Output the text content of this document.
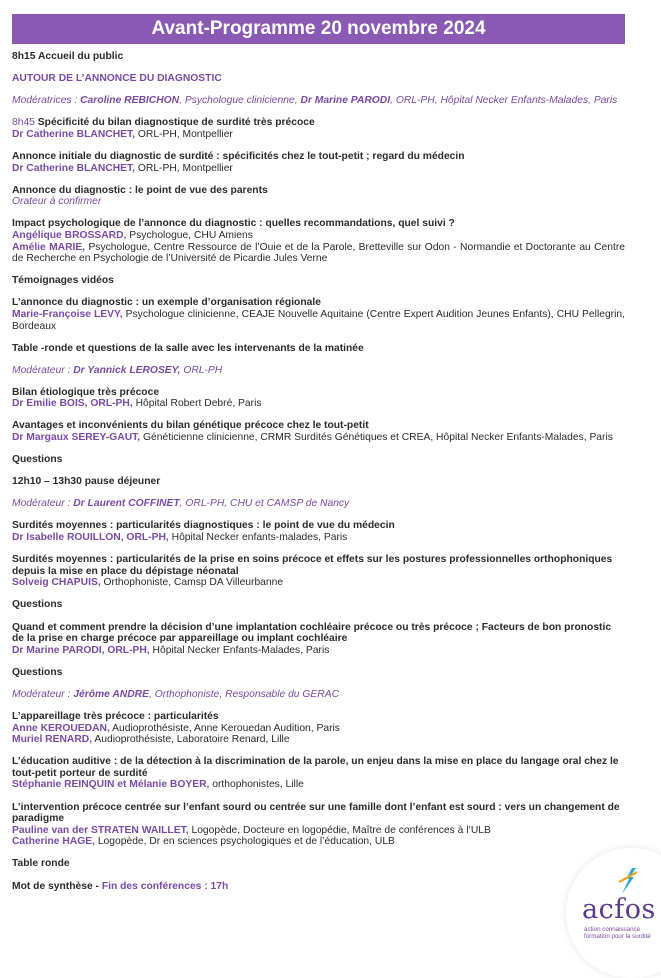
Avant-Programme 20 novembre 2024
8h15 Accueil du public
AUTOUR DE L’ANNONCE DU DIAGNOSTIC
Modératrices : Caroline REBICHON, Psychologue clinicienne, Dr Marine PARODI, ORL-PH, Hôpital Necker Enfants-Malades, Paris
8h45 Spécificité du bilan diagnostique de surdité très précoce
Dr Catherine BLANCHET, ORL-PH, Montpellier
Annonce initiale du diagnostic de surdité : spécificités chez le tout-petit ; regard du médecin
Dr Catherine BLANCHET, ORL-PH, Montpellier
Annonce du diagnostic : le point de vue des parents
Orateur à confirmer
Impact psychologique de l’annonce du diagnostic : quelles recommandations, quel suivi ?
Angélique BROSSARD, Psychologue, CHU Amiens
Amélie MARIE, Psychologue, Centre Ressource de l’Ouie et de la Parole, Bretteville sur Odon - Normandie et Doctorante au Centre de Recherche en Psychologie de l’Université de Picardie Jules Verne
Témoignages vidéos
L’annonce du diagnostic : un exemple d’organisation régionale
Marie-Françoise LEVY, Psychologue clinicienne, CEAJE Nouvelle Aquitaine (Centre Expert Audition Jeunes Enfants), CHU Pellegrin, Bordeaux
Table -ronde et questions de la salle avec les intervenants de la matinée
Modérateur : Dr Yannick LEROSEY, ORL-PH
Bilan étiologique très précoce
Dr Emilie BOIS, ORL-PH, Hôpital Robert Debré, Paris
Avantages et inconvénients du bilan génétique précoce chez le tout-petit
Dr Margaux SEREY-GAUT, Généticienne clinicienne, CRMR Surdités Génétiques et CREA, Hôpital Necker Enfants-Malades, Paris
Questions
12h10 – 13h30 pause déjeuner
Modérateur : Dr Laurent COFFINET, ORL-PH, CHU et CAMSP de Nancy
Surdités moyennes : particularités diagnostiques : le point de vue du médecin
Dr Isabelle ROUILLON, ORL-PH, Hôpital Necker enfants-malades, Paris
Surdités moyennes : particularités de la prise en soins précoce et effets sur les postures professionnelles orthophoniques depuis la mise en place du dépistage néonatal
Solveig CHAPUIS, Orthophoniste, Camsp DA Villeurbanne
Questions
Quand et comment prendre la décision d’une implantation cochléaire précoce ou très précoce ; Facteurs de bon pronostic de la prise en charge précoce par appareillage ou implant cochléaire
Dr Marine PARODI, ORL-PH, Hôpital Necker Enfants-Malades, Paris
Questions
Modérateur : Jérôme ANDRE, Orthophoniste, Responsable du GERAC
L’appareillage très précoce : particularités
Anne KEROUEDAN, Audioprothésiste, Anne Kerouedan Audition, Paris
Muriel RENARD, Audioprothésiste, Laboratoire Renard, Lille
L’éducation auditive : de la détection à la discrimination de la parole, un enjeu dans la mise en place du langage oral chez le tout-petit porteur de surdité
Stéphanie REINQUIN et Mélanie BOYER, orthophonistes, Lille
L’intervention précoce centrée sur l’enfant sourd ou centrée sur une famille dont l’enfant est sourd : vers un changement de paradigme
Pauline van der STRATEN WAILLET, Logopède, Docteure en logopédie, Maître de conférences à l’ULB
Catherine HAGE, Logopède, Dr en sciences psychologiques et de l’éducation, ULB
Table ronde
Mot de synthèse - Fin des conférences : 17h
acfos
action connaissance formation pour la surdité
